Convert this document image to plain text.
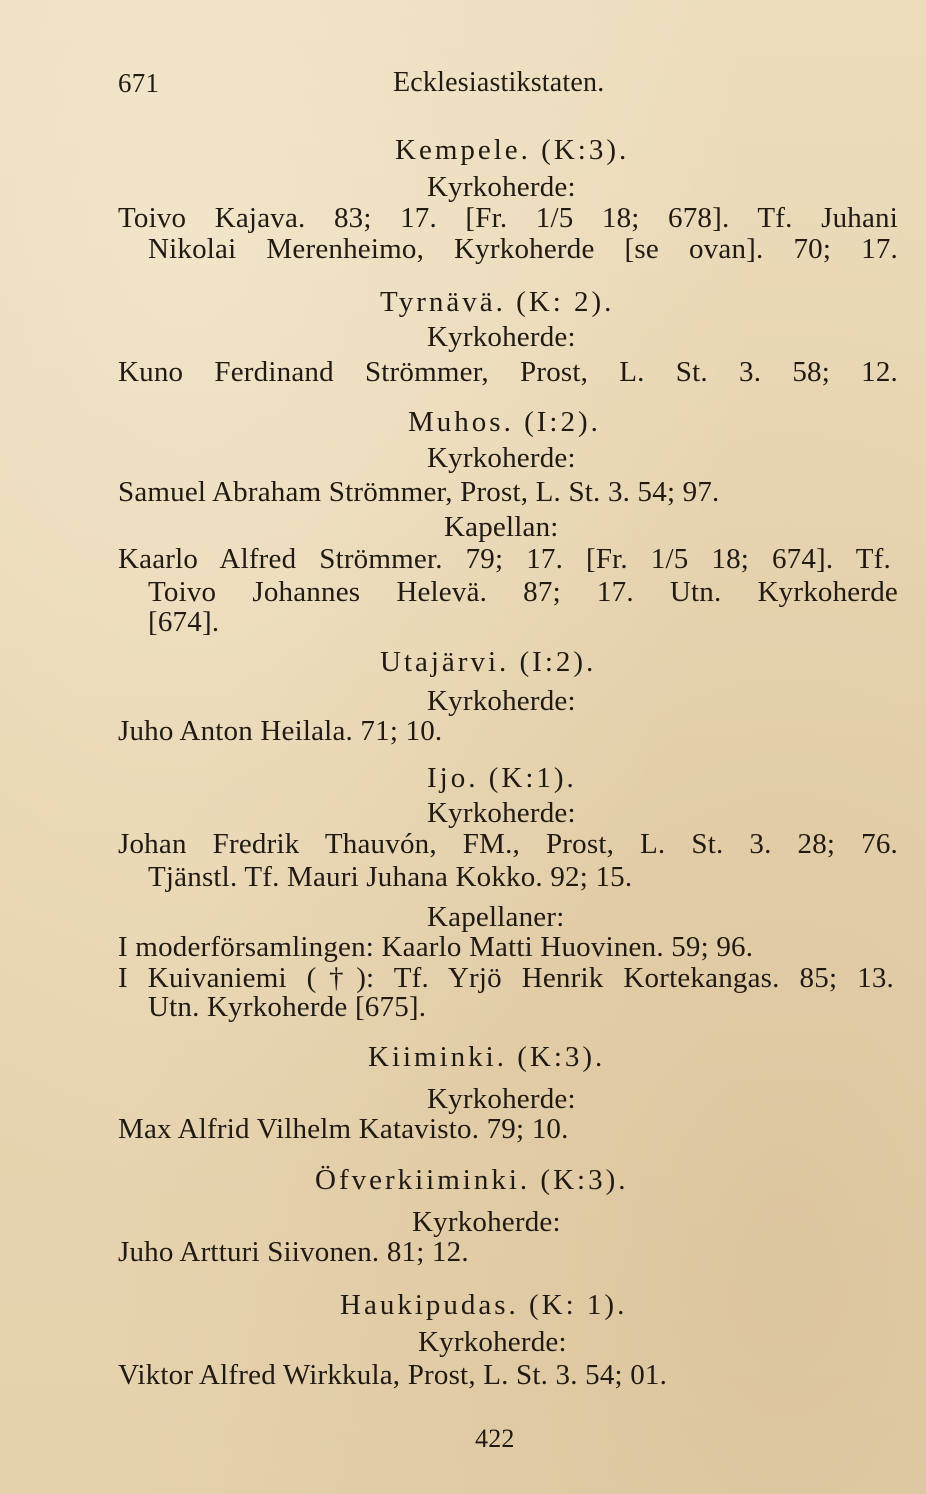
671	Ecklesiastikstaten.
Kempele. (K:3).
Kyrkoherde:
Toivo Kajava. 83; 17. [Fr. 1/5 18; 678]. Tf. Juhani
Nikolai Merenheimo, Kyrkoherde [se ovan]. 70; 17.
Tyrnävä. (K: 2).
Kyrkoherde:
Kuno Ferdinand Strömmer, Prost, L. St. 3. 58; 12.
Muhos. (I:2).
Kyrkoherde:
Samuel Abraham Strömmer, Prost, L. St. 3. 54; 97.
Kapellan:
Kaarlo Alfred Strömmer. 79; 17. [Fr. 1/5 18; 674]. Tf.
Toivo Johannes Helevä. 87; 17. Utn. Kyrkoherde
[674].
Utajärvi. (I:2).
Kyrkoherde:
Juho Anton Heilala. 71; 10.
Ijo. (K:1).
Kyrkoherde:
Johan Fredrik Thauvón, FM., Prost, L. St. 3. 28; 76.
Tjänstl. Tf. Mauri Juhana Kokko. 92; 15.
Kapellaner:
I moderförsamlingen: Kaarlo Matti Huovinen. 59; 96.
I Kuivaniemi (†): Tf. Yrjö Henrik Kortekangas. 85; 13.
Utn. Kyrkoherde [675].
Kiiminki. (K:3).
Kyrkoherde:
Max Alfrid Vilhelm Katavisto. 79; 10.
Öfverkiiminki. (K:3).
Kyrkoherde:
Juho Artturi Siivonen. 81; 12.
Haukipudas. (K: 1).
Kyrkoherde:
Viktor Alfred Wirkkula, Prost, L. St. 3. 54; 01.
422
